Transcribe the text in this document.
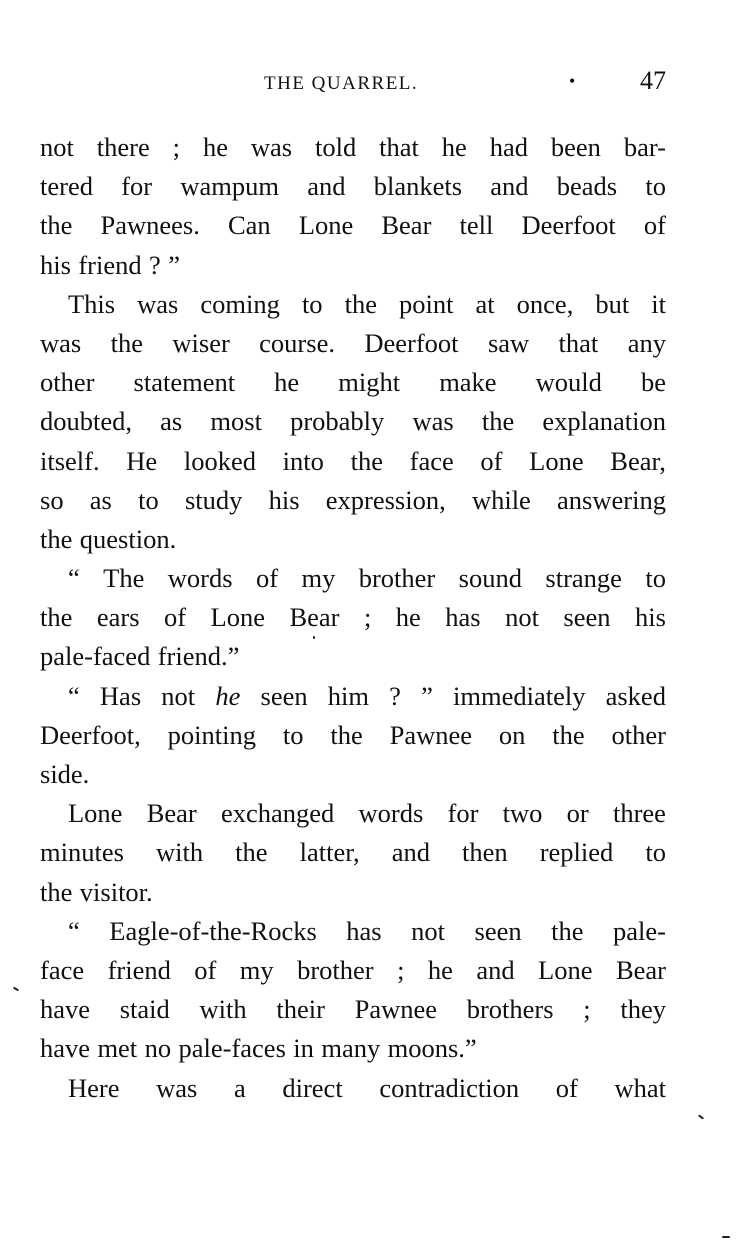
THE QUARREL.	• 47
not there ; he was told that he had been bar-
tered for wampum and blankets and beads to
the Pawnees. Can Lone Bear tell Deerfoot of
his friend ? ”
This was coming to the point at once, but it
was the wiser course. Deerfoot saw that any
other statement he might make would be
doubted, as most probably was the explanation
itself. He looked into the face of Lone Bear,
so as to study his expression, while answering
the question.
“ The words of my brother sound strange to
the ears of Lone Bear ; he has not seen his
pale-faced friend.”
“ Has not he seen him ? ” immediately asked
Deerfoot, pointing to the Pawnee on the other
side.
Lone Bear exchanged words for two or three
minutes with the latter, and then replied to
the visitor.
“ Eagle-of-the-Rocks has not seen the pale-
face friend of my brother ; he and Lone Bear
have staid with their Pawnee brothers ; they
have met no pale-faces in many moons.”
Here was a direct contradiction of what
